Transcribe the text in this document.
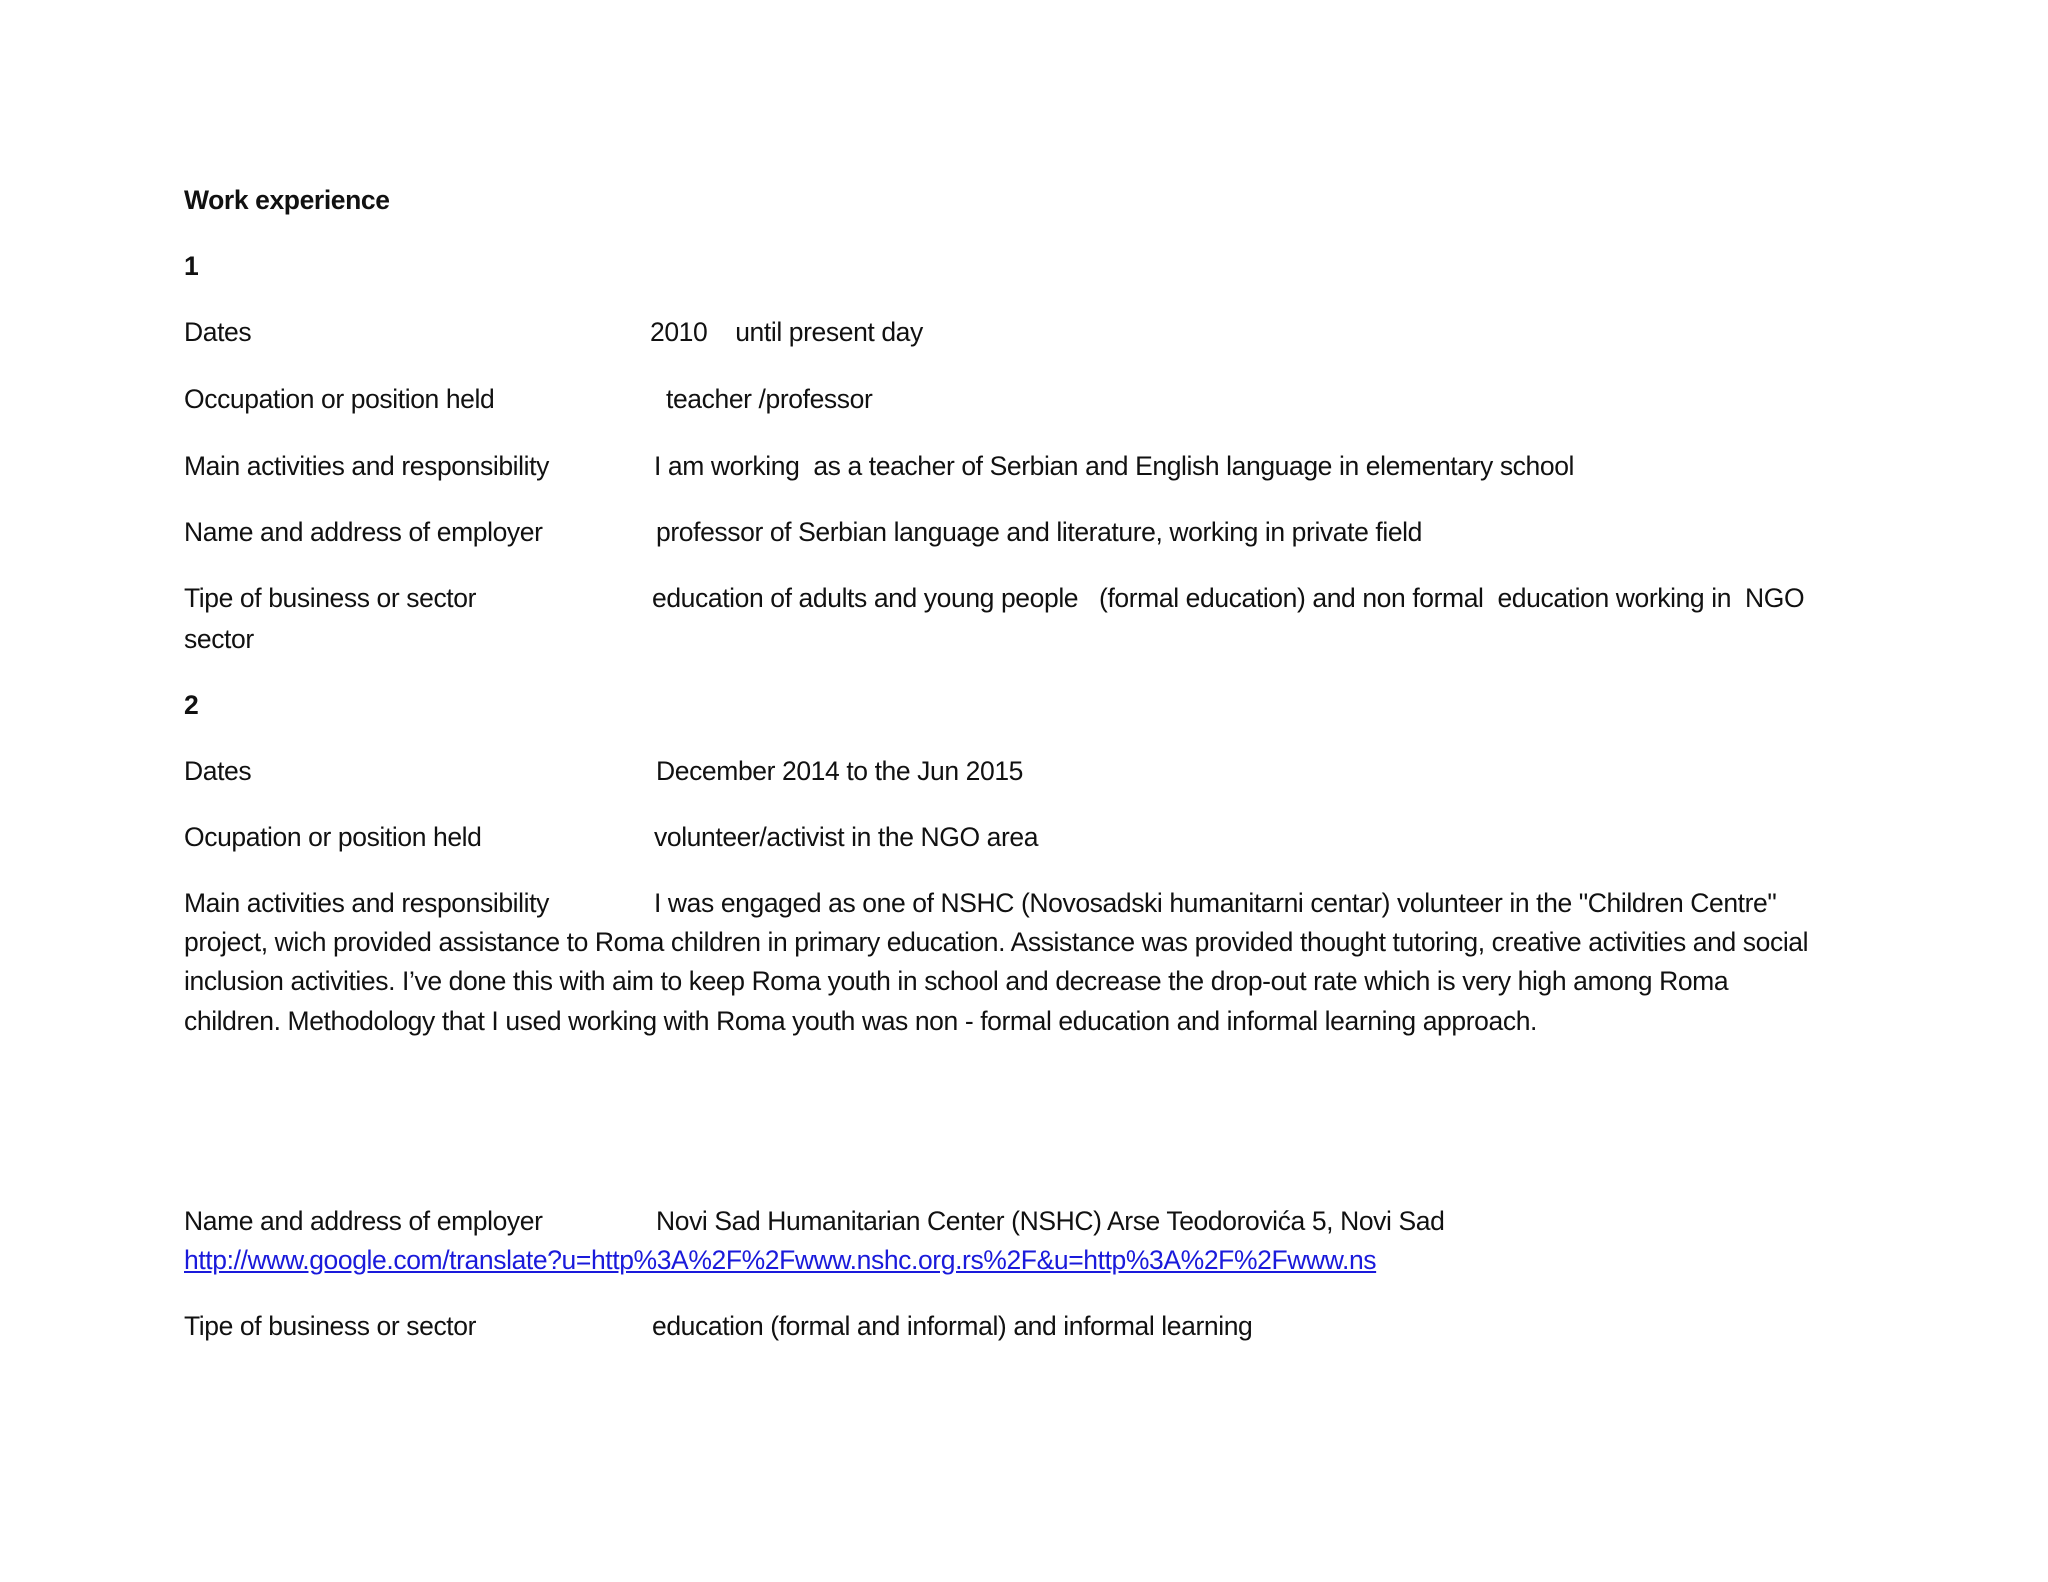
Work experience
1
Dates	2010    until present day
Occupation or position held	teacher /professor
Main activities and responsibility	I am working  as a teacher of Serbian and English language in elementary school
Name and address of employer	professor of Serbian language and literature, working in private field
Tipe of business or sector	education of adults and young people   (formal education) and non formal  education working in  NGO
sector
2
Dates	December 2014 to the Jun 2015
Ocupation or position held	volunteer/activist in the NGO area
Main activities and responsibility	I was engaged as one of NSHC (Novosadski humanitarni centar) volunteer in the "Children Centre"
project, wich provided assistance to Roma children in primary education. Assistance was provided thought tutoring, creative activities and social
inclusion activities. I’ve done this with aim to keep Roma youth in school and decrease the drop-out rate which is very high among Roma
children. Methodology that I used working with Roma youth was non - formal education and informal learning approach.
Name and address of employer	Novi Sad Humanitarian Center (NSHC) Arse Teodorovića 5, Novi Sad
http://www.google.com/translate?u=http%3A%2F%2Fwww.nshc.org.rs%2F&u=http%3A%2F%2Fwww.ns
Tipe of business or sector	education (formal and informal) and informal learning
